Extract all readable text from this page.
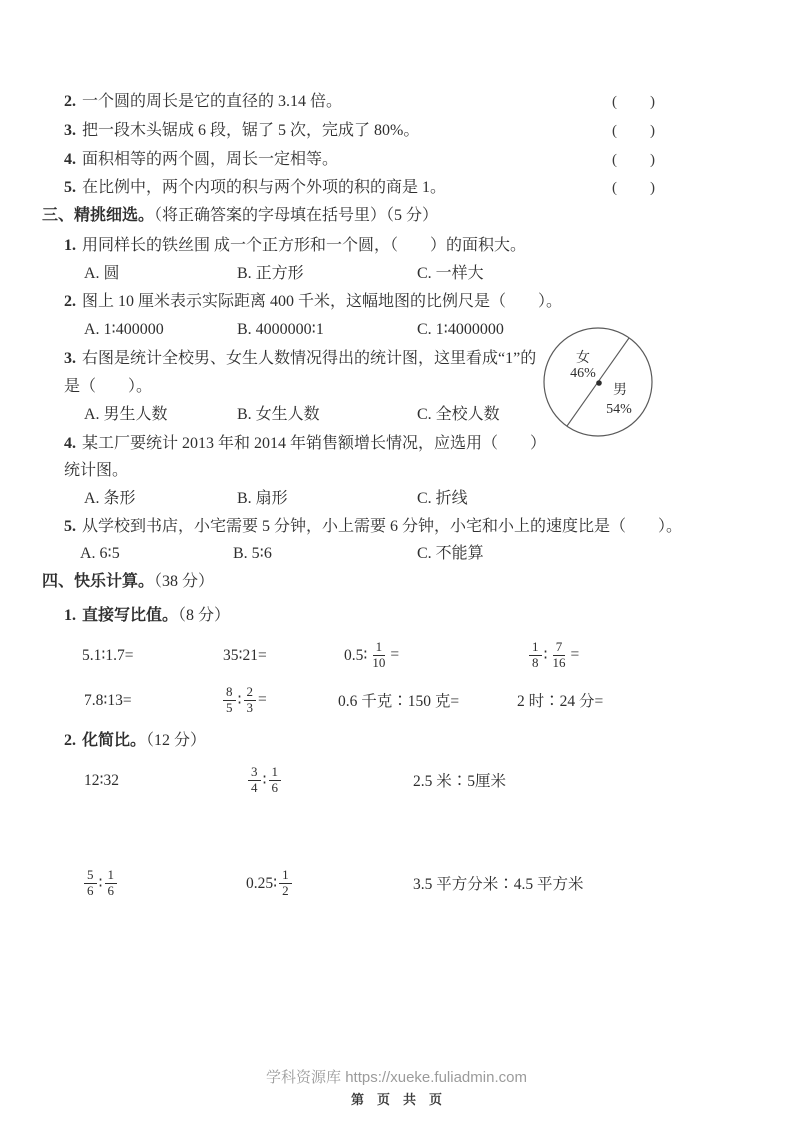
2. 一个圆的周长是它的直径的 3.14 倍。	(　　)
3. 把一段木头锯成 6 段，锯了 5 次，完成了 80%。	(　　)
4. 面积相等的两个圆，周长一定相等。	(　　)
5. 在比例中，两个内项的积与两个外项的积的商是 1。	(　　)
三、精挑细选。（将正确答案的字母填在括号里）（5 分）
1. 用同样长的铁丝围 成一个正方形和一个圆，（　　）的面积大。
A. 圆	B. 正方形	C. 一样大
2. 图上 10 厘米表示实际距离 400 千米，这幅地图的比例尺是（　　）。
A. 1∶400000	B. 4000000∶1	C. 1∶4000000
3. 右图是统计全校男、女生人数情况得出的统计图，这里看成“1”的
是（　　）。
A. 男生人数	B. 女生人数	C. 全校人数
女
46%
男
54%
4. 某工厂要统计 2013 年和 2014 年销售额增长情况，应选用（　　）
统计图。
A. 条形	B. 扇形	C. 折线
5. 从学校到书店，小宅需要 5 分钟，小上需要 6 分钟，小宅和小上的速度比是（　　）。
A. 6∶5	B. 5∶6	C. 不能算
四、快乐计算。（38 分）
1. 直接写比值。（8 分）
5.1∶1.7=	35∶21=	0.5∶ $\frac{1}{10}$ =	$\frac{1}{8}$ ∶ $\frac{7}{16}$ =
7.8∶13=	$\frac{8}{5}$ ∶ $\frac{2}{3}$ =	0.6 千克∶150 克=	2 时∶24 分=
2. 化简比。（12 分）
12∶32	$\frac{3}{4}$ ∶ $\frac{1}{6}$	2.5 米∶5厘米
$\frac{5}{6}$ ∶ $\frac{1}{6}$	0.25∶ $\frac{1}{2}$	3.5 平方分米∶4.5 平方米
学科资源库 https://xueke.fuliadmin.com
第　页　共　页
